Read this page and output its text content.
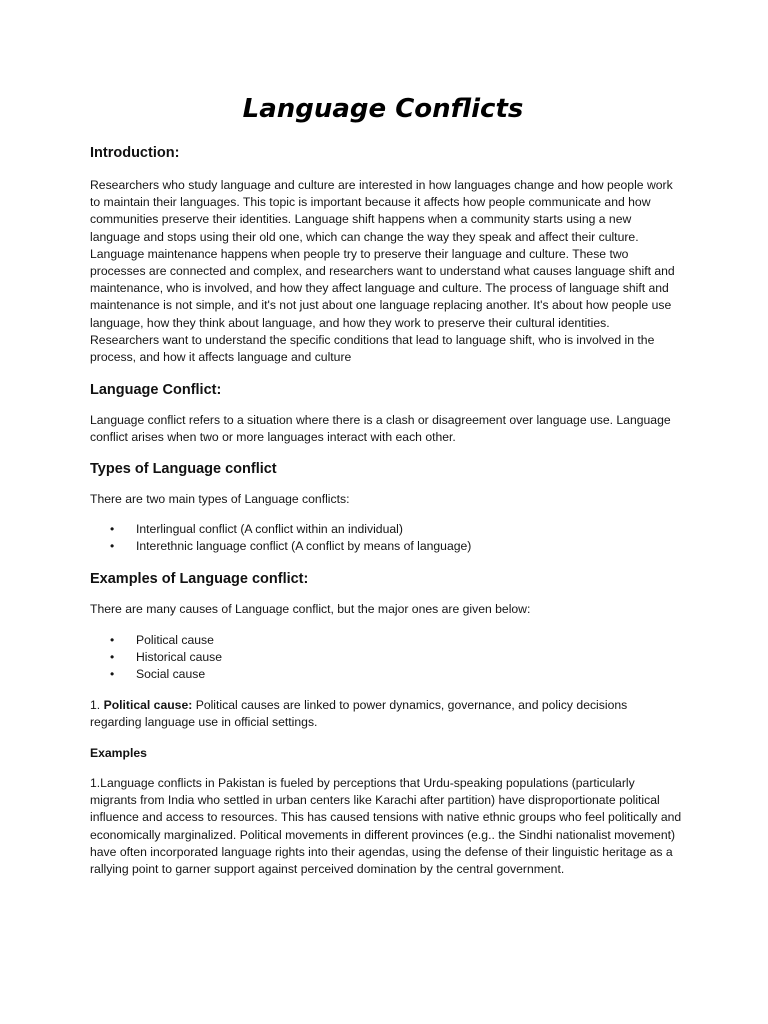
Language Conflicts
Introduction:

Researchers who study language and culture are interested in how languages change and how people work to maintain their languages. This topic is important because it affects how people communicate and how communities preserve their identities. Language shift happens when a community starts using a new language and stops using their old one, which can change the way they speak and affect their culture. Language maintenance happens when people try to preserve their language and culture. These two processes are connected and complex, and researchers want to understand what causes language shift and maintenance, who is involved, and how they affect language and culture. The process of language shift and maintenance is not simple, and it's not just about one language replacing another. It's about how people use language, how they think about language, and how they work to preserve their cultural identities. Researchers want to understand the specific conditions that lead to language shift, who is involved in the process, and how it affects language and culture

Language Conflict:

Language conflict refers to a situation where there is a clash or disagreement over language use. Language conflict arises when two or more languages interact with each other.

Types of Language conflict

There are two main types of Language conflicts:

• Interlingual conflict (A conflict within an individual)
• Interethnic language conflict (A conflict by means of language)
Examples of Language conflict:

There are many causes of Language conflict, but the major ones are given below:

• Political cause
• Historical cause
• Social cause

1. Political cause: Political causes are linked to power dynamics, governance, and policy decisions regarding language use in official settings.

Examples

1.Language conflicts in Pakistan is fueled by perceptions that Urdu-speaking populations (particularly migrants from India who settled in urban centers like Karachi after partition) have disproportionate political influence and access to resources. This has caused tensions with native ethnic groups who feel politically and economically marginalized. Political movements in different provinces (e.g.. the Sindhi nationalist movement) have often incorporated language rights into their agendas, using the defense of their linguistic heritage as a rallying point to garner support against perceived domination by the central government.
